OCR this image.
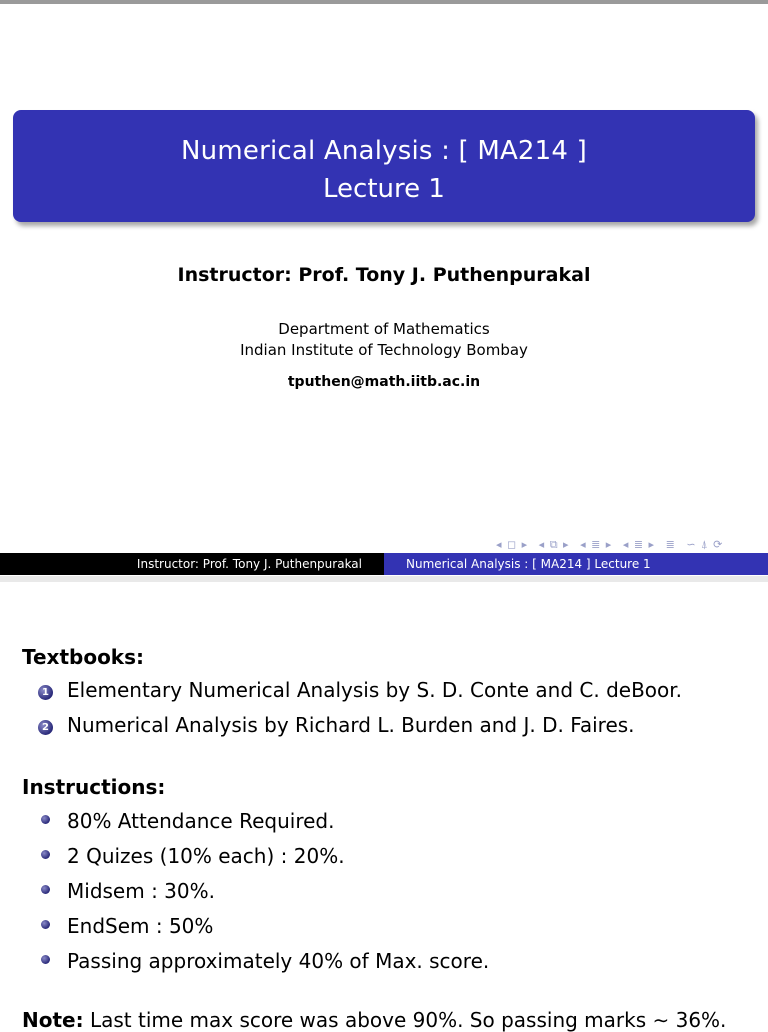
Numerical Analysis : [ MA214 ]
Lecture 1
Instructor: Prof. Tony J. Puthenpurakal
Department of Mathematics
Indian Institute of Technology Bombay
tputhen@math.iitb.ac.in
◂ ◻ ▸ ◂ ⧉ ▸ ◂ ≣ ▸ ◂ ≣ ▸ ≣ ∽ ⍋ ⟳
Instructor: Prof. Tony J. Puthenpurakal	Numerical Analysis : [ MA214 ] Lecture 1
Textbooks:
1 Elementary Numerical Analysis by S. D. Conte and C. deBoor.
2 Numerical Analysis by Richard L. Burden and J. D. Faires.
Instructions:
80% Attendance Required.
2 Quizes (10% each) : 20%.
Midsem : 30%.
EndSem : 50%
Passing approximately 40% of Max. score.
Note: Last time max score was above 90%. So passing marks ∼ 36%.
